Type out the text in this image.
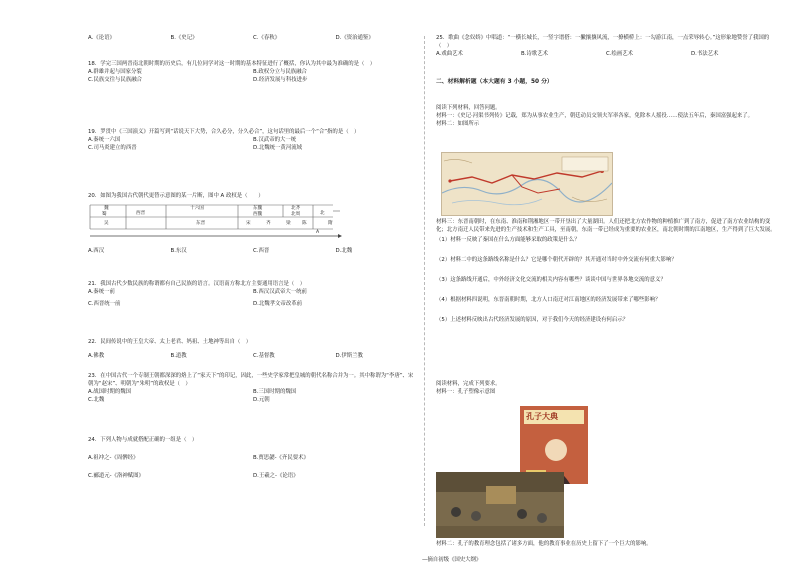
A.《论语》	B.《史记》	C.《春秋》	D.《资治通鉴》
18．学完三国两晋南北朝时期的历史后，有几位同学对这一时期的基本特征进行了概括，你认为其中最为准确的是（　）
A.群雄并起与国家分裂	B.政权分立与民族融合
C.民族交往与民族融合	D.经济发展与科技进步
19．罗贯中《三国演义》开篇写到“话说天下大势，合久必分，分久必合”，这句话里的最后一个“合”指的是（　）
A.秦统一六国	B.汉武帝的大一统
C.司马炎建立的西晋	D.北魏统一黄河流域
20．如图为我国古代朝代更替示意图的某一片断，图中 A 政权是（　　）
魏
蜀	西晋
十六国	东魏
西魏
北齐
北周	北
吴	东晋	宋	齐	梁 陈
A
隋
A.西汉	B.东汉	C.西晋	D.北魏
21．我国古代少数民族的称谓都有自己民族的语言。汉语南方称北方主要通用语言是（　）
A.秦统一前	B.西汉汉武帝大一统前
C.西晋统一前	D.北魏孝文帝改革前
22．民间传说中的王皇大帝、太上老君、妈祖、土地神等出自（　）
A.佛教	B.道教	C.基督教	D.伊斯兰教
23．在中国古代一个专制王朝都深深的烙上了“家天下”的印记，因此，一些史学家常把皇城的朝代名称合并为一。其中称谓为“李唐”、宋朝为“赵宋”、明朝为“朱明”的政权是（　）
A.战国时期的魏国	B.三国时期的魏国
C.北魏	D.元朝
24．下列人物与成就搭配正确的一组是（　）
A.祖冲之-《周髀经》	B.贾思勰-《齐民要术》
C.郦道元-《洛神赋图》	D.王羲之-《论语》
25．歌曲《念奴娇》中唱道：“一横长城长，一竖字谱搭：一撇攘攘风流，一撩横桥上：一勾游江南，一点荣辱转心。”这形象地赞誉了我国的（　）
A.戏曲艺术	B.诗歌艺术	C.绘画艺术	D.书法艺术
二、材料解析题（本大题有 3 小题，50 分）
阅读下列材料，回答问题。
材料一：《史记·河渠书列传》记载，郑为从事农业生产，朝廷动员交领夫军率各家，免除本人摇役……使法五年后，秦国富强起来了。
材料二：如图所示
材料三：东晋南朝时，在东南、淮南和荆湘地区一带开垦出了大量湖田。人们还把北方农作物的种植推广到了南方，促进了南方农业结构的变化；北方南迁人民带来先进的生产技术和生产工具，至南朝，东南一带已经成为重要的农业区，南北朝时期的江南地区，生产得到了巨大发展。
（1）材料一反映了秦国在什么方面能够采取的政策是什么？
（2）材料二中的这条路线名称是什么？它是哪个朝代开辟的？其开通对当时中外交流有何重大影响？
（3）这条路线开通后，中外经济文化交流的相关内容有哪些？谈谈中国与世界各地交流的意义？
（4）根据材料四说明，东晋南朝时期，北方人口南迁对江南地区的经济发展带来了哪些影响？
（5）上述材料反映出古代经济发展的原因，对于我们今天的经济建设有何启示？
阅读材料，完成下列要求。
材料一：孔子塑像示意图
孔子大典
材料二：孔子的教育理念包括了诸多方面，他的教育事业在历史上留下了一个巨大的影响。
—摘自初级《国史大纲》
